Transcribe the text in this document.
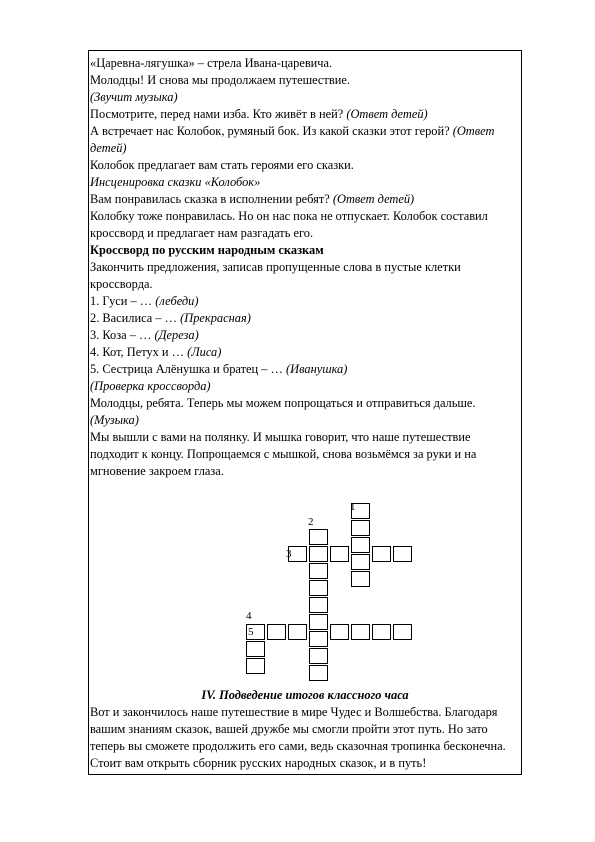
«Царевна-лягушка» – стрела Ивана-царевича.

Молодцы! И снова мы продолжаем путешествие.

(Звучит музыка)

Посмотрите, перед нами изба. Кто живёт в ней? (Ответ детей)

А встречает нас Колобок, румяный бок. Из какой сказки этот герой? (Ответ

детей)

Колобок предлагает вам стать героями его сказки.

Инсценировка сказки «Колобок»

Вам понравилась сказка в исполнении ребят? (Ответ детей)

Колобку тоже понравилась. Но он нас пока не отпускает. Колобок составил

кроссворд и предлагает нам разгадать его.

Кроссворд по русским народным сказкам

Закончить предложения, записав пропущенные слова в пустые клетки

кроссворда.

1. Гуси – … (лебеди)

2. Василиса – … (Прекрасная)

3. Коза – … (Дереза)

4. Кот, Петух и … (Лиса)

5. Сестрица Алёнушка и братец – … (Иванушка)

(Проверка кроссворда)

Молодцы, ребята. Теперь мы можем попрощаться и отправиться дальше.

(Музыка)

Мы вышли с вами на полянку. И мышка говорит, что наше путешествие

подходит к концу. Попрощаемся с мышкой, снова возьмёмся за руки и на

мгновение закроем глаза.

1
2
3
4
5
IV. Подведение итогов классного часа

Вот и закончилось наше путешествие в мире Чудес и Волшебства. Благодаря

вашим знаниям сказок, вашей дружбе мы смогли пройти этот путь. Но зато

теперь вы сможете продолжить его сами, ведь сказочная тропинка бесконечна.

Стоит вам открыть сборник русских народных сказок, и в путь!
